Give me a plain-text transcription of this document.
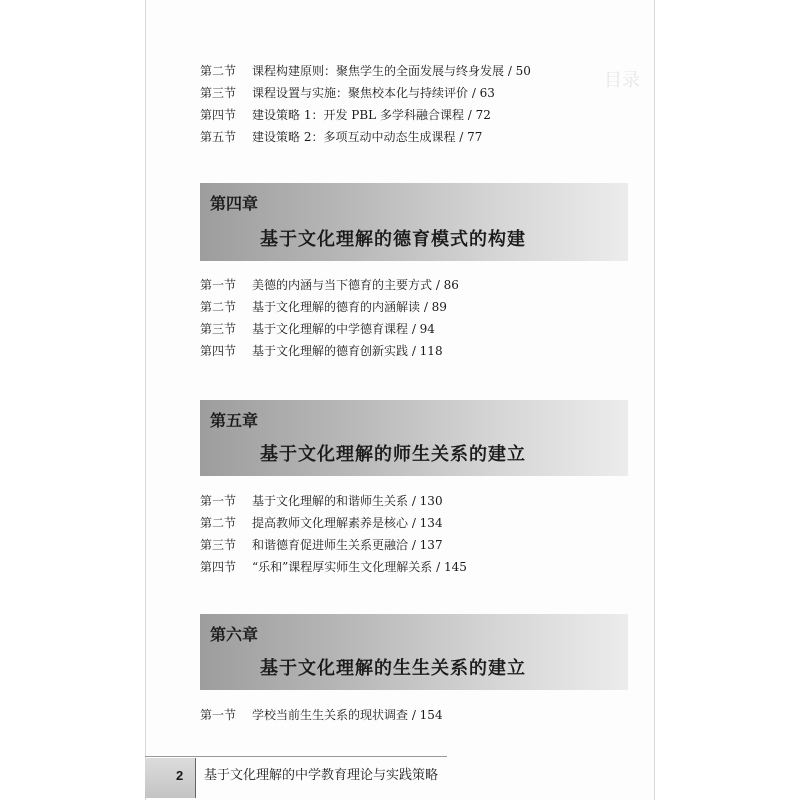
目录
第二节	课程构建原则：聚焦学生的全面发展与终身发展 / 50
第三节	课程设置与实施：聚焦校本化与持续评价 / 63
第四节	建设策略 1：开发 PBL 多学科融合课程 / 72
第五节	建设策略 2：多项互动中动态生成课程 / 77
第四章
基于文化理解的德育模式的构建
第一节	美德的内涵与当下德育的主要方式 / 86
第二节	基于文化理解的德育的内涵解读 / 89
第三节	基于文化理解的中学德育课程 / 94
第四节	基于文化理解的德育创新实践 / 118
第五章
基于文化理解的师生关系的建立
第一节	基于文化理解的和谐师生关系 / 130
第二节	提高教师文化理解素养是核心 / 134
第三节	和谐德育促进师生关系更融洽 / 137
第四节	“乐和”课程厚实师生文化理解关系 / 145
第六章
基于文化理解的生生关系的建立
第一节	学校当前生生关系的现状调查 / 154
2 基于文化理解的中学教育理论与实践策略
